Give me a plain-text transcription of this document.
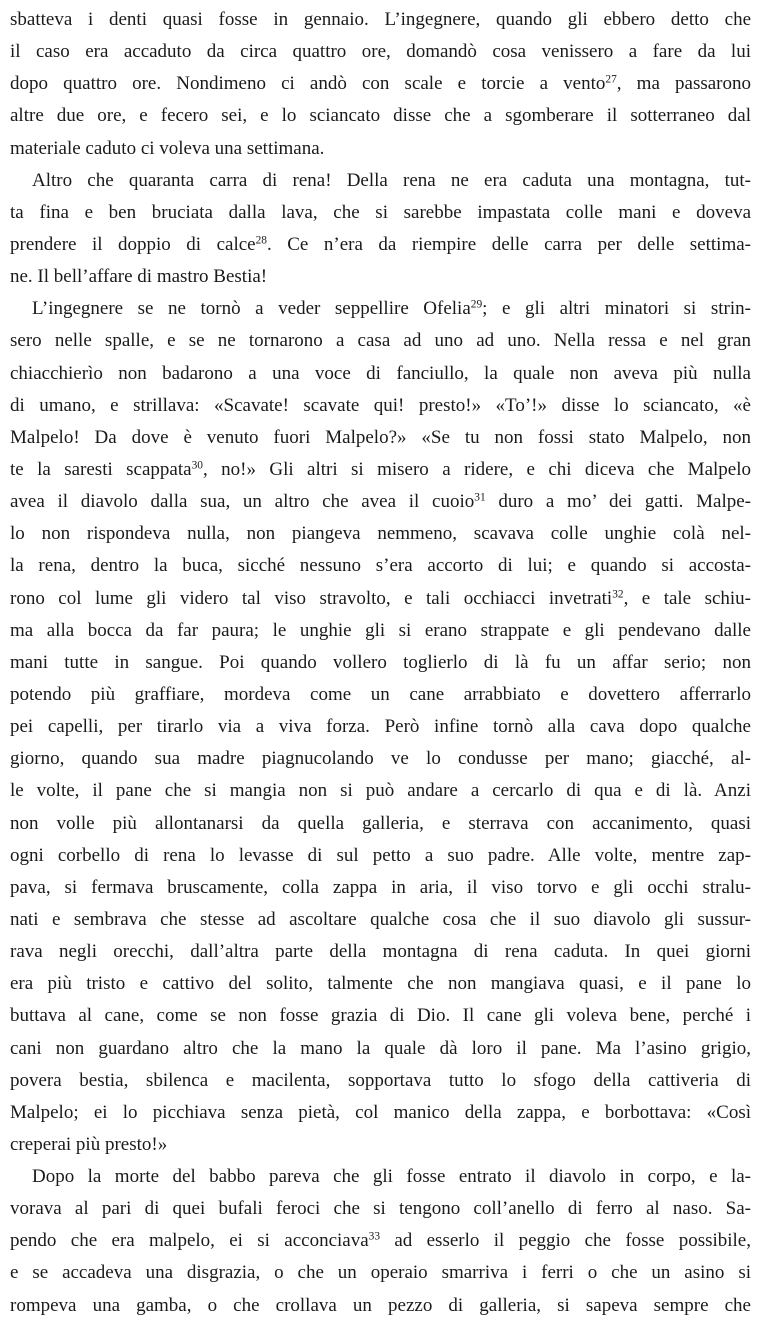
sbatteva i denti quasi fosse in gennaio. L’ingegnere, quando gli ebbero detto che
il caso era accaduto da circa quattro ore, domandò cosa venissero a fare da lui
dopo quattro ore. Nondimeno ci andò con scale e torcie a vento$^{27}$, ma passarono
altre due ore, e fecero sei, e lo sciancato disse che a sgomberare il sotterraneo dal
materiale caduto ci voleva una settimana.
Altro che quaranta carra di rena! Della rena ne era caduta una montagna, tut-
ta fina e ben bruciata dalla lava, che si sarebbe impastata colle mani e doveva
prendere il doppio di calce$^{28}$. Ce n’era da riempire delle carra per delle settima-
ne. Il bell’affare di mastro Bestia!
L’ingegnere se ne tornò a veder seppellire Ofelia$^{29}$; e gli altri minatori si strin-
sero nelle spalle, e se ne tornarono a casa ad uno ad uno. Nella ressa e nel gran
chiacchierìo non badarono a una voce di fanciullo, la quale non aveva più nulla
di umano, e strillava: «Scavate! scavate qui! presto!» «To’!» disse lo sciancato, «è
Malpelo! Da dove è venuto fuori Malpelo?» «Se tu non fossi stato Malpelo, non
te la saresti scappata$^{30}$, no!» Gli altri si misero a ridere, e chi diceva che Malpelo
avea il diavolo dalla sua, un altro che avea il cuoio$^{31}$ duro a mo’ dei gatti. Malpe-
lo non rispondeva nulla, non piangeva nemmeno, scavava colle unghie colà nel-
la rena, dentro la buca, sicché nessuno s’era accorto di lui; e quando si accosta-
rono col lume gli videro tal viso stravolto, e tali occhiacci invetrati$^{32}$, e tale schiu-
ma alla bocca da far paura; le unghie gli si erano strappate e gli pendevano dalle
mani tutte in sangue. Poi quando vollero toglierlo di là fu un affar serio; non
potendo più graffiare, mordeva come un cane arrabbiato e dovettero afferrarlo
pei capelli, per tirarlo via a viva forza. Però infine tornò alla cava dopo qualche
giorno, quando sua madre piagnucolando ve lo condusse per mano; giacché, al-
le volte, il pane che si mangia non si può andare a cercarlo di qua e di là. Anzi
non volle più allontanarsi da quella galleria, e sterrava con accanimento, quasi
ogni corbello di rena lo levasse di sul petto a suo padre. Alle volte, mentre zap-
pava, si fermava bruscamente, colla zappa in aria, il viso torvo e gli occhi stralu-
nati e sembrava che stesse ad ascoltare qualche cosa che il suo diavolo gli sussur-
rava negli orecchi, dall’altra parte della montagna di rena caduta. In quei giorni
era più tristo e cattivo del solito, talmente che non mangiava quasi, e il pane lo
buttava al cane, come se non fosse grazia di Dio. Il cane gli voleva bene, perché i
cani non guardano altro che la mano la quale dà loro il pane. Ma l’asino grigio,
povera bestia, sbilenca e macilenta, sopportava tutto lo sfogo della cattiveria di
Malpelo; ei lo picchiava senza pietà, col manico della zappa, e borbottava: «Così
creperai più presto!»
Dopo la morte del babbo pareva che gli fosse entrato il diavolo in corpo, e la-
vorava al pari di quei bufali feroci che si tengono coll’anello di ferro al naso. Sa-
pendo che era malpelo, ei si acconciava$^{33}$ ad esserlo il peggio che fosse possibile,
e se accadeva una disgrazia, o che un operaio smarriva i ferri o che un asino si
rompeva una gamba, o che crollava un pezzo di galleria, si sapeva sempre che
